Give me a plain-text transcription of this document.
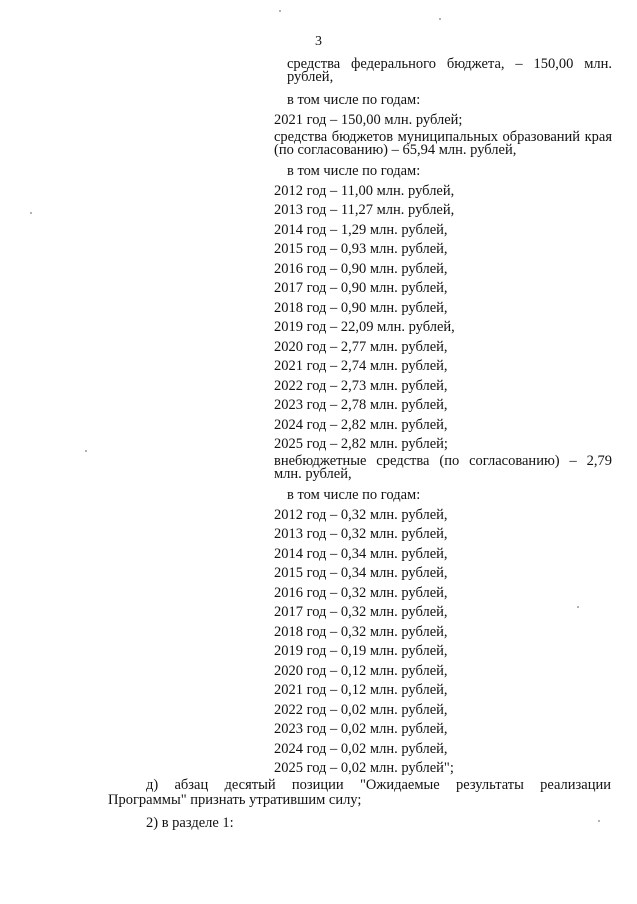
3

средства федерального бюджета, – 150,00 млн. рублей,

в том числе по годам:

2021 год – 150,00 млн. рублей;

средства бюджетов муниципальных образований края (по согласованию) – 65,94 млн. рублей,

в том числе по годам:

2012 год – 11,00 млн. рублей,

2013 год – 11,27 млн. рублей,

2014 год – 1,29 млн. рублей,

2015 год – 0,93 млн. рублей,

2016 год – 0,90 млн. рублей,

2017 год – 0,90 млн. рублей,

2018 год – 0,90 млн. рублей,

2019 год – 22,09 млн. рублей,

2020 год – 2,77 млн. рублей,

2021 год – 2,74 млн. рублей,

2022 год – 2,73 млн. рублей,

2023 год – 2,78 млн. рублей,

2024 год – 2,82 млн. рублей,

2025 год – 2,82 млн. рублей;

внебюджетные средства (по согласованию) – 2,79 млн. рублей,

в том числе по годам:

2012 год – 0,32 млн. рублей,

2013 год – 0,32 млн. рублей,

2014 год – 0,34 млн. рублей,

2015 год – 0,34 млн. рублей,

2016 год – 0,32 млн. рублей,

2017 год – 0,32 млн. рублей,

2018 год – 0,32 млн. рублей,

2019 год – 0,19 млн. рублей,

2020 год – 0,12 млн. рублей,

2021 год – 0,12 млн. рублей,

2022 год – 0,02 млн. рублей,

2023 год – 0,02 млн. рублей,

2024 год – 0,02 млн. рублей,

2025 год – 0,02 млн. рублей";

д) абзац десятый позиции "Ожидаемые результаты реализации Программы" признать утратившим силу;

2) в разделе 1:
